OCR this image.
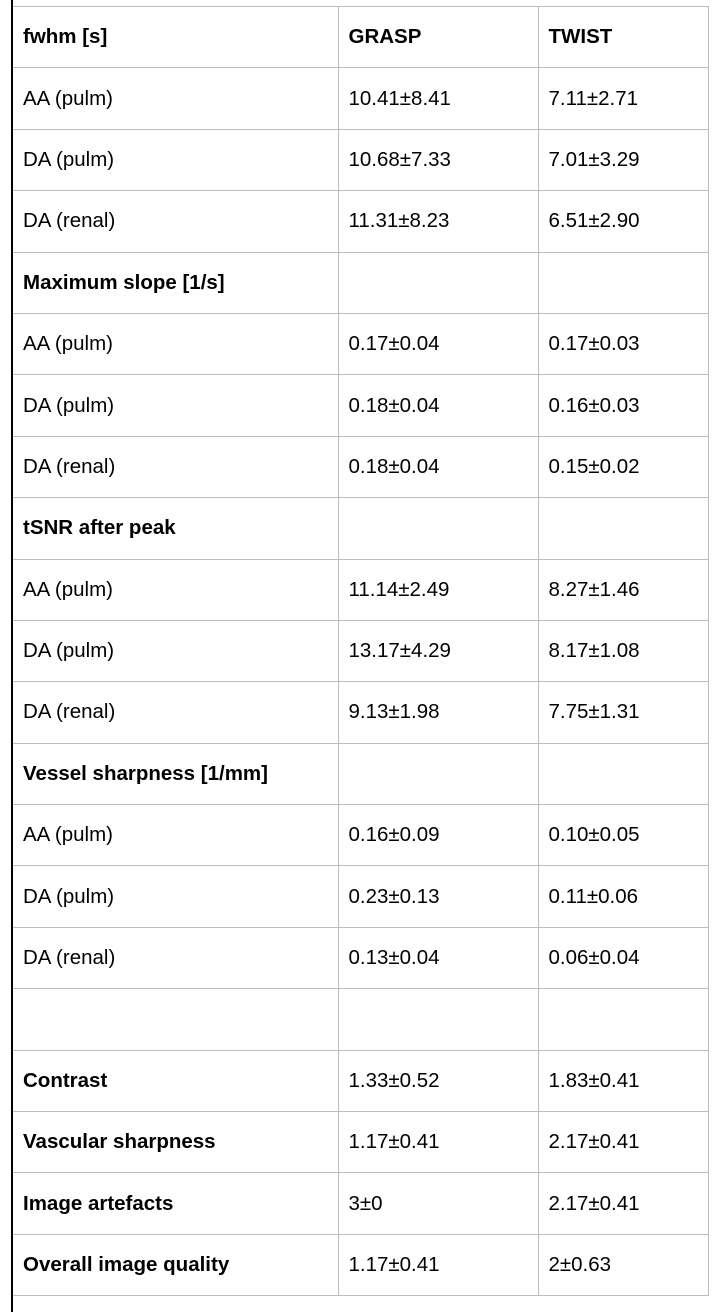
fwhm [s]	GRASP	TWIST
AA (pulm)	10.41±8.41	7.11±2.71
DA (pulm)	10.68±7.33	7.01±3.29
DA (renal)	11.31±8.23	6.51±2.90
Maximum slope [1/s]		
AA (pulm)	0.17±0.04	0.17±0.03
DA (pulm)	0.18±0.04	0.16±0.03
DA (renal)	0.18±0.04	0.15±0.02
tSNR after peak		
AA (pulm)	11.14±2.49	8.27±1.46
DA (pulm)	13.17±4.29	8.17±1.08
DA (renal)	9.13±1.98	7.75±1.31
Vessel sharpness [1/mm]		
AA (pulm)	0.16±0.09	0.10±0.05
DA (pulm)	0.23±0.13	0.11±0.06
DA (renal)	0.13±0.04	0.06±0.04

Contrast	1.33±0.52	1.83±0.41
Vascular sharpness	1.17±0.41	2.17±0.41
Image artefacts	3±0	2.17±0.41
Overall image quality	1.17±0.41	2±0.63
